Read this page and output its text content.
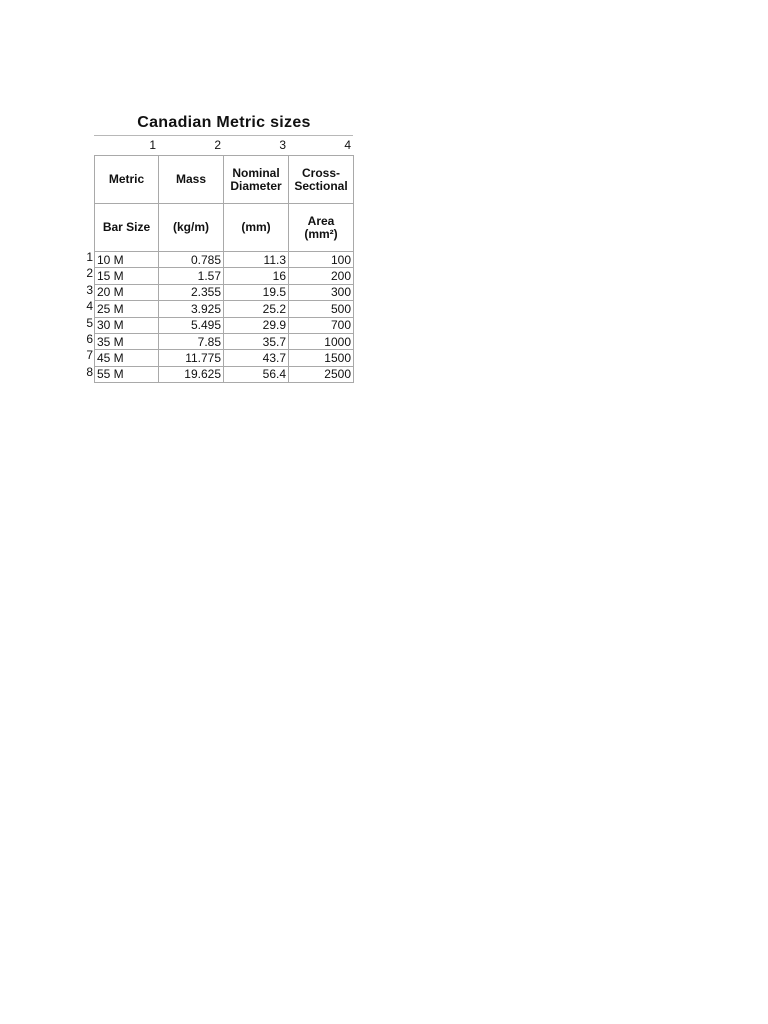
Canadian Metric sizes
1	2	3	4
1
2
3
4
5
6
7
8
Metric	Mass	Nominal Diameter	Cross-Sectional
Bar Size	(kg/m)	(mm)	Area (mm²)
10 M	0.785	11.3	100
15 M	1.57	16	200
20 M	2.355	19.5	300
25 M	3.925	25.2	500
30 M	5.495	29.9	700
35 M	7.85	35.7	1000
45 M	11.775	43.7	1500
55 M	19.625	56.4	2500
